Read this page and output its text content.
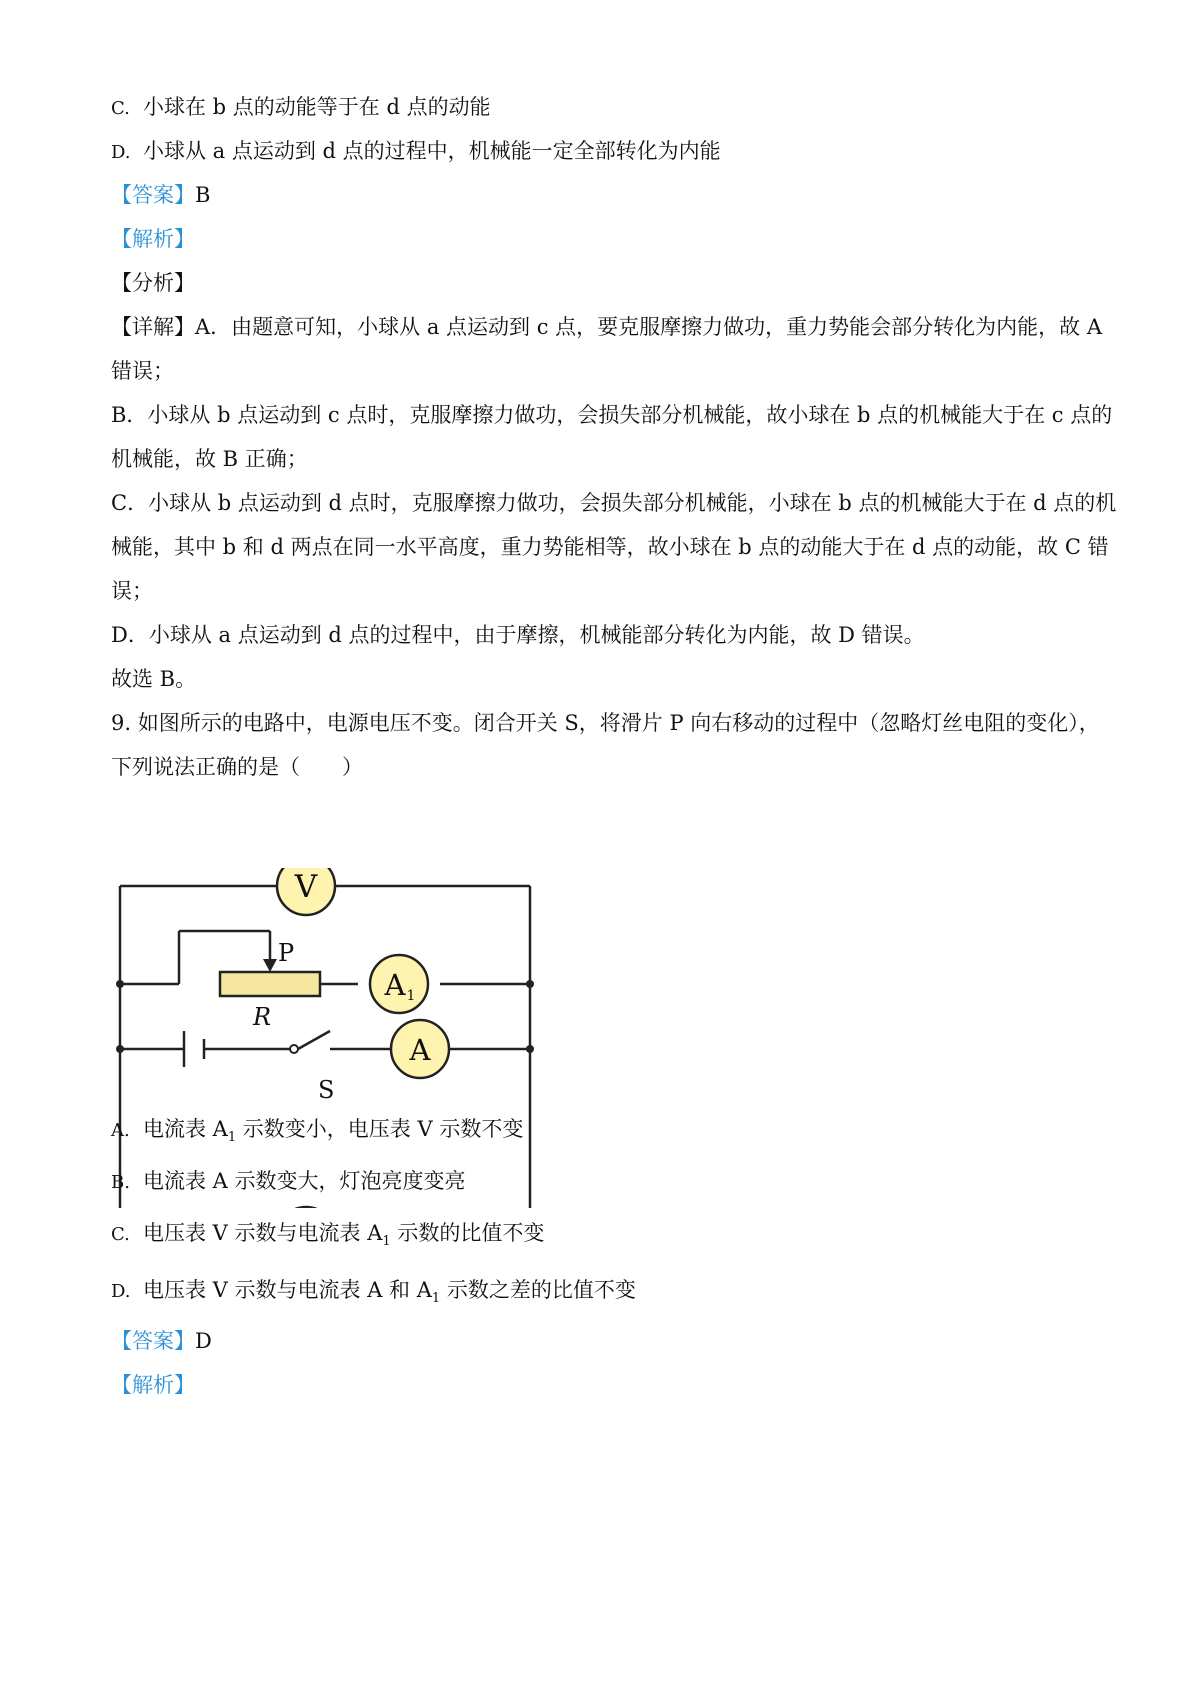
C. 小球在 b 点的动能等于在 d 点的动能

D. 小球从 a 点运动到 d 点的过程中，机械能一定全部转化为内能

【答案】B

【解析】

【分析】

【详解】A．由题意可知，小球从 a 点运动到 c 点，要克服摩擦力做功，重力势能会部分转化为内能，故 A

错误；

B．小球从 b 点运动到 c 点时，克服摩擦力做功，会损失部分机械能，故小球在 b 点的机械能大于在 c 点的

机械能，故 B 正确；

C．小球从 b 点运动到 d 点时，克服摩擦力做功，会损失部分机械能，小球在 b 点的机械能大于在 d 点的机

械能，其中 b 和 d 两点在同一水平高度，重力势能相等，故小球在 b 点的动能大于在 d 点的动能，故 C 错

误；

D．小球从 a 点运动到 d 点的过程中，由于摩擦，机械能部分转化为内能，故 D 错误。

故选 B。

9. 如图所示的电路中，电源电压不变。闭合开关 S，将滑片 P 向右移动的过程中（忽略灯丝电阻的变化），

下列说法正确的是（　　）

V
A 1
A
P
R
S

A. 电流表 $A_1$ 示数变小，电压表 V 示数不变

B. 电流表 A 示数变大，灯泡亮度变亮

C. 电压表 V 示数与电流表 $A_1$ 示数的比值不变

D. 电压表 V 示数与电流表 A 和 $A_1$ 示数之差的比值不变

【答案】D

【解析】
